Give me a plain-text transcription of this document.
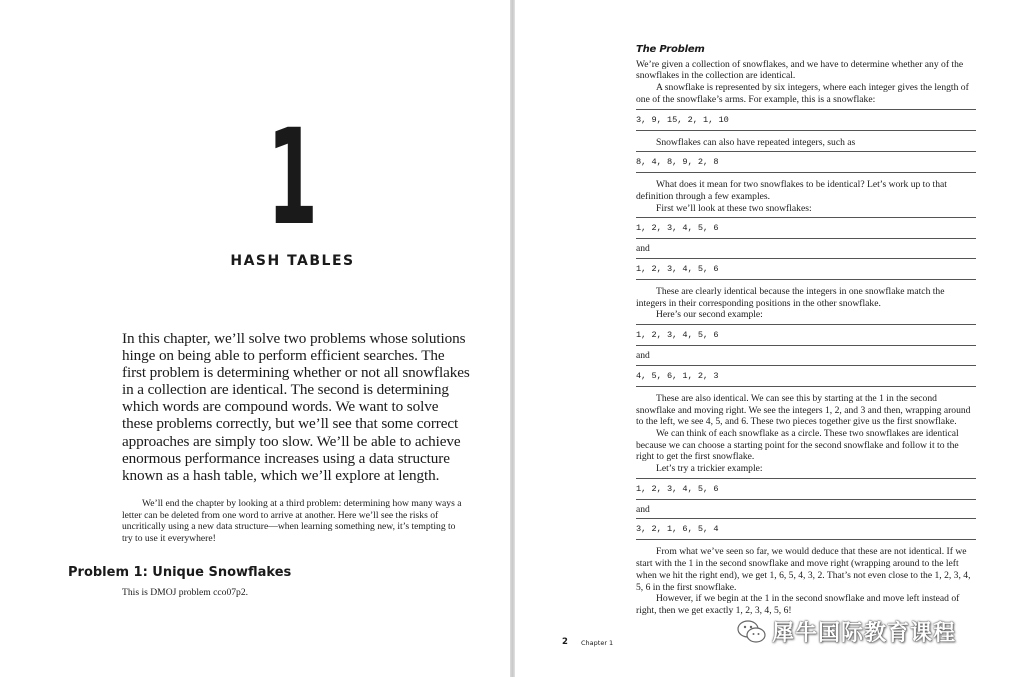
1
HASH TABLES

In this chapter, we’ll solve two problems whose solutions hinge on being able to perform efficient searches. The first problem is determining whether or not all snowflakes in a collection are identical. The second is determining which words are compound words. We want to solve these problems correctly, but we’ll see that some correct approaches are simply too slow. We’ll be able to achieve enormous performance increases using a data structure known as a hash table, which we’ll explore at length.

We’ll end the chapter by looking at a third problem: determining how many ways a letter can be deleted from one word to arrive at another. Here we’ll see the risks of uncritically using a new data structure—when learning something new, it’s tempting to try to use it everywhere!

Problem 1: Unique Snowflakes

This is DMOJ problem cco07p2.

The Problem

We’re given a collection of snowflakes, and we have to determine whether any of the snowflakes in the collection are identical.

A snowflake is represented by six integers, where each integer gives the length of one of the snowflake’s arms. For example, this is a snowflake:

3, 9, 15, 2, 1, 10

Snowflakes can also have repeated integers, such as

8, 4, 8, 9, 2, 8

What does it mean for two snowflakes to be identical? Let’s work up to that definition through a few examples.

First we’ll look at these two snowflakes:

1, 2, 3, 4, 5, 6

and

1, 2, 3, 4, 5, 6

These are clearly identical because the integers in one snowflake match the integers in their corresponding positions in the other snowflake.

Here’s our second example:

1, 2, 3, 4, 5, 6

and

4, 5, 6, 1, 2, 3

These are also identical. We can see this by starting at the 1 in the second snowflake and moving right. We see the integers 1, 2, and 3 and then, wrapping around to the left, we see 4, 5, and 6. These two pieces together give us the first snowflake.

We can think of each snowflake as a circle. These two snowflakes are identical because we can choose a starting point for the second snowflake and follow it to the right to get the first snowflake.

Let’s try a trickier example:

1, 2, 3, 4, 5, 6

and

3, 2, 1, 6, 5, 4

From what we’ve seen so far, we would deduce that these are not identical. If we start with the 1 in the second snowflake and move right (wrapping around to the left when we hit the right end), we get 1, 6, 5, 4, 3, 2. That’s not even close to the 1, 2, 3, 4, 5, 6 in the first snowflake.

However, if we begin at the 1 in the second snowflake and move left instead of right, then we get exactly 1, 2, 3, 4, 5, 6!

2 Chapter 1	犀牛国际教育课程
